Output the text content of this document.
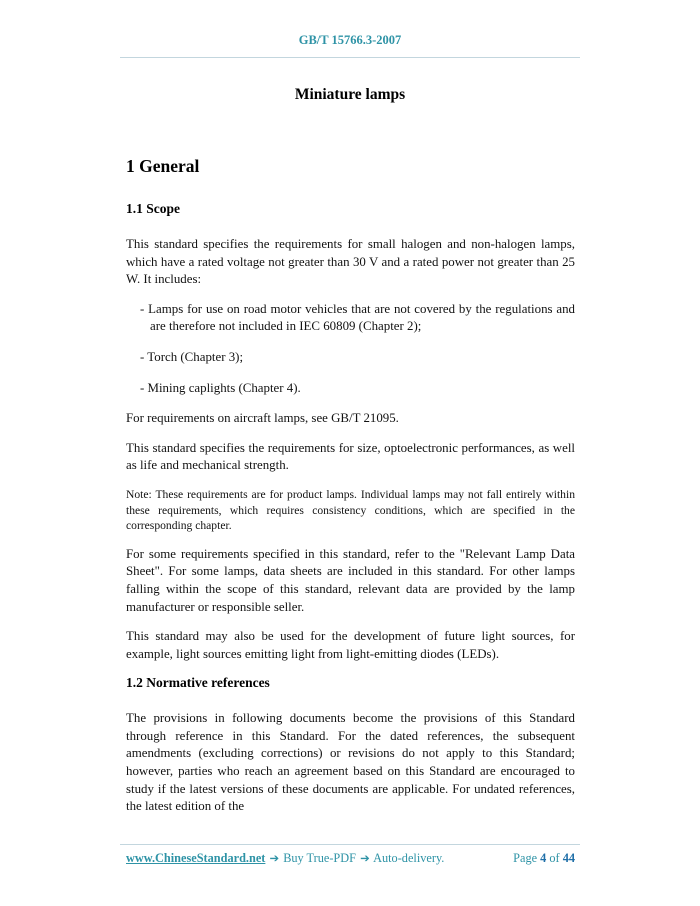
GB/T 15766.3-2007
Miniature lamps
1 General
1.1 Scope

This standard specifies the requirements for small halogen and non-halogen lamps, which have a rated voltage not greater than 30 V and a rated power not greater than 25 W. It includes:

- Lamps for use on road motor vehicles that are not covered by the regulations and are therefore not included in IEC 60809 (Chapter 2);

- Torch (Chapter 3);

- Mining caplights (Chapter 4).

For requirements on aircraft lamps, see GB/T 21095.

This standard specifies the requirements for size, optoelectronic performances, as well as life and mechanical strength.

Note: These requirements are for product lamps. Individual lamps may not fall entirely within these requirements, which requires consistency conditions, which are specified in the corresponding chapter.

For some requirements specified in this standard, refer to the "Relevant Lamp Data Sheet". For some lamps, data sheets are included in this standard. For other lamps falling within the scope of this standard, relevant data are provided by the lamp manufacturer or responsible seller.

This standard may also be used for the development of future light sources, for example, light sources emitting light from light-emitting diodes (LEDs).

1.2 Normative references

The provisions in following documents become the provisions of this Standard through reference in this Standard. For the dated references, the subsequent amendments (excluding corrections) or revisions do not apply to this Standard; however, parties who reach an agreement based on this Standard are encouraged to study if the latest versions of these documents are applicable. For undated references, the latest edition of the

www.ChineseStandard.net ➔ Buy True-PDF ➔ Auto-delivery.	Page 4 of 44
